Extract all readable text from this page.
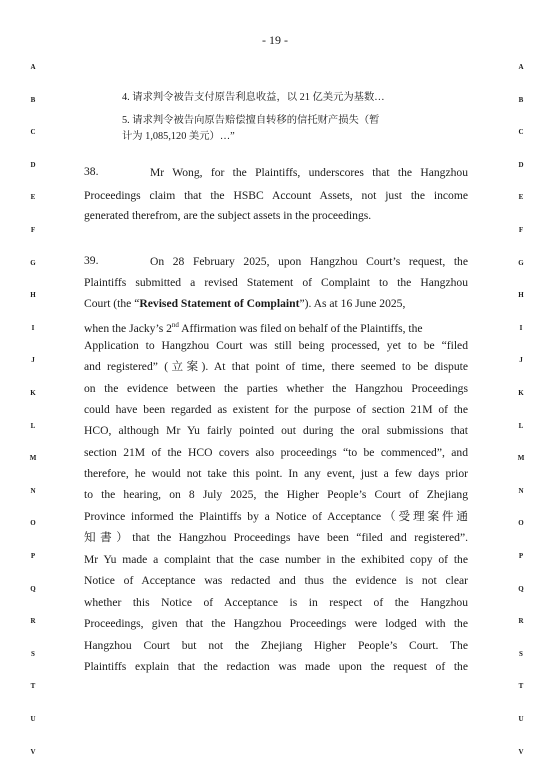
- 19 -
A
B
C
D
E
F
G
H
I
J
K
L
M
N
O
P
Q
R
S
T
U
V
A
B
C
D
E
F
G
H
I
J
K
L
M
N
O
P
Q
R
S
T
U
V
4. 请求判令被告支付原告利息收益，以 21 亿美元为基数…
5. 请求判令被告向原告赔偿擅自转移的信托财产损失（暂
计为 1,085,120 美元）…”
38.	Mr Wong, for the Plaintiffs, underscores that the Hangzhou
Proceedings claim that the HSBC Account Assets, not just the income
generated therefrom, are the subject assets in the proceedings.
39.	On 28 February 2025, upon Hangzhou Court’s request, the
Plaintiffs submitted a revised Statement of Complaint to the Hangzhou
Court (the “Revised Statement of Complaint”). As at 16 June 2025,
when the Jacky’s 2nd Affirmation was filed on behalf of the Plaintiffs, the
Application to Hangzhou Court was still being processed, yet to be “filed
and registered” (立案). At that point of time, there seemed to be dispute
on the evidence between the parties whether the Hangzhou Proceedings
could have been regarded as existent for the purpose of section 21M of the
HCO, although Mr Yu fairly pointed out during the oral submissions that
section 21M of the HCO covers also proceedings “to be commenced”, and
therefore, he would not take this point. In any event, just a few days prior
to the hearing, on 8 July 2025, the Higher People’s Court of Zhejiang
Province informed the Plaintiffs by a Notice of Acceptance（受理案件通
知書）that the Hangzhou Proceedings have been “filed and registered”.
Mr Yu made a complaint that the case number in the exhibited copy of the
Notice of Acceptance was redacted and thus the evidence is not clear
whether this Notice of Acceptance is in respect of the Hangzhou
Proceedings, given that the Hangzhou Proceedings were lodged with the
Hangzhou Court but not the Zhejiang Higher People’s Court. The
Plaintiffs explain that the redaction was made upon the request of the
